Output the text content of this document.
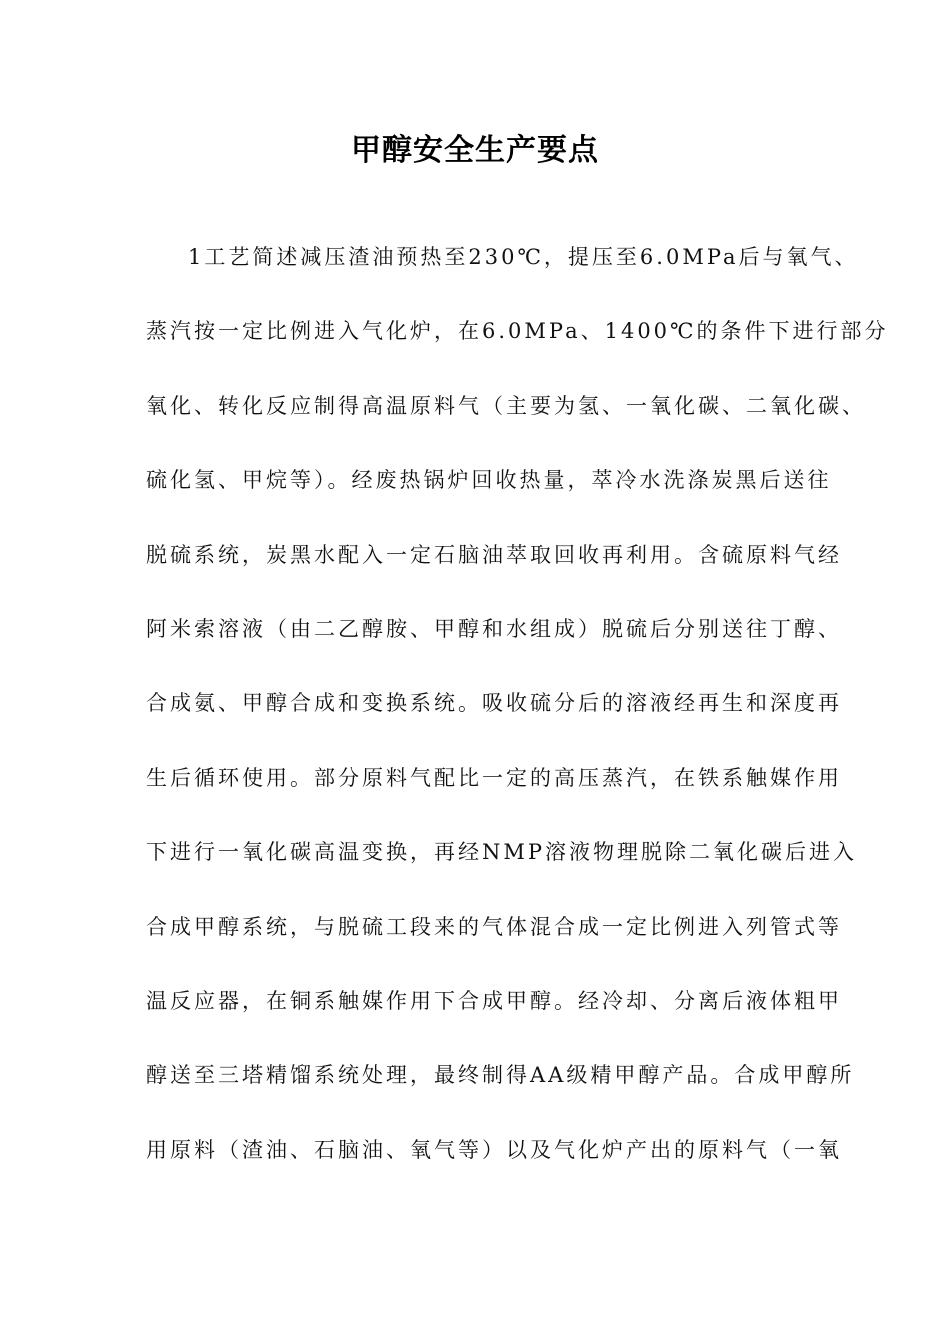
甲醇安全生产要点
1工艺简述减压渣油预热至230℃，提压至6.0MPa后与氧气、
蒸汽按一定比例进入气化炉，在6.0MPa、1400℃的条件下进行部分
氧化、转化反应制得高温原料气（主要为氢、一氧化碳、二氧化碳、
硫化氢、甲烷等）。经废热锅炉回收热量，萃冷水洗涤炭黑后送往
脱硫系统，炭黑水配入一定石脑油萃取回收再利用。含硫原料气经
阿米索溶液（由二乙醇胺、甲醇和水组成）脱硫后分别送往丁醇、
合成氨、甲醇合成和变换系统。吸收硫分后的溶液经再生和深度再
生后循环使用。部分原料气配比一定的高压蒸汽，在铁系触媒作用
下进行一氧化碳高温变换，再经NMP溶液物理脱除二氧化碳后进入
合成甲醇系统，与脱硫工段来的气体混合成一定比例进入列管式等
温反应器，在铜系触媒作用下合成甲醇。经冷却、分离后液体粗甲
醇送至三塔精馏系统处理，最终制得AA级精甲醇产品。合成甲醇所
用原料（渣油、石脑油、氧气等）以及气化炉产出的原料气（一氧
